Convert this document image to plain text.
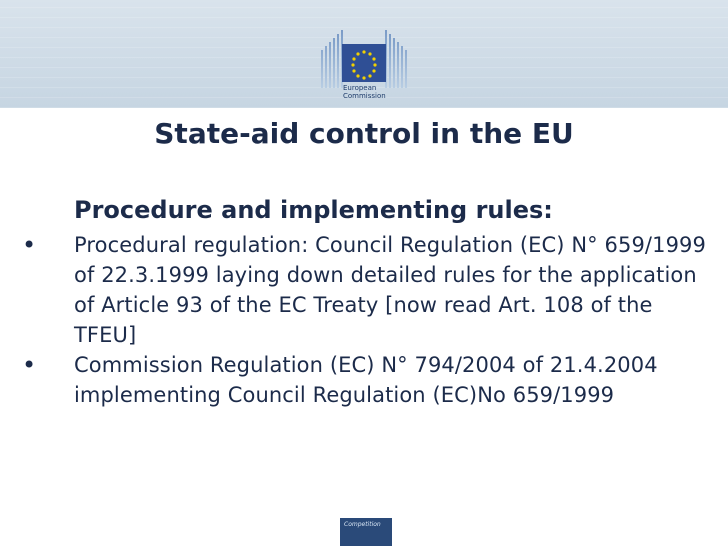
European
Commission
State-aid control in the EU
Procedure and implementing rules:
•	Procedural regulation: Council Regulation (EC) N° 659/1999 of 22.3.1999 laying down detailed rules for the application of Article 93 of the EC Treaty [now read Art. 108 of the TFEU]
•	Commission Regulation (EC) N° 794/2004 of 21.4.2004 implementing Council Regulation (EC)No 659/1999
Competition
